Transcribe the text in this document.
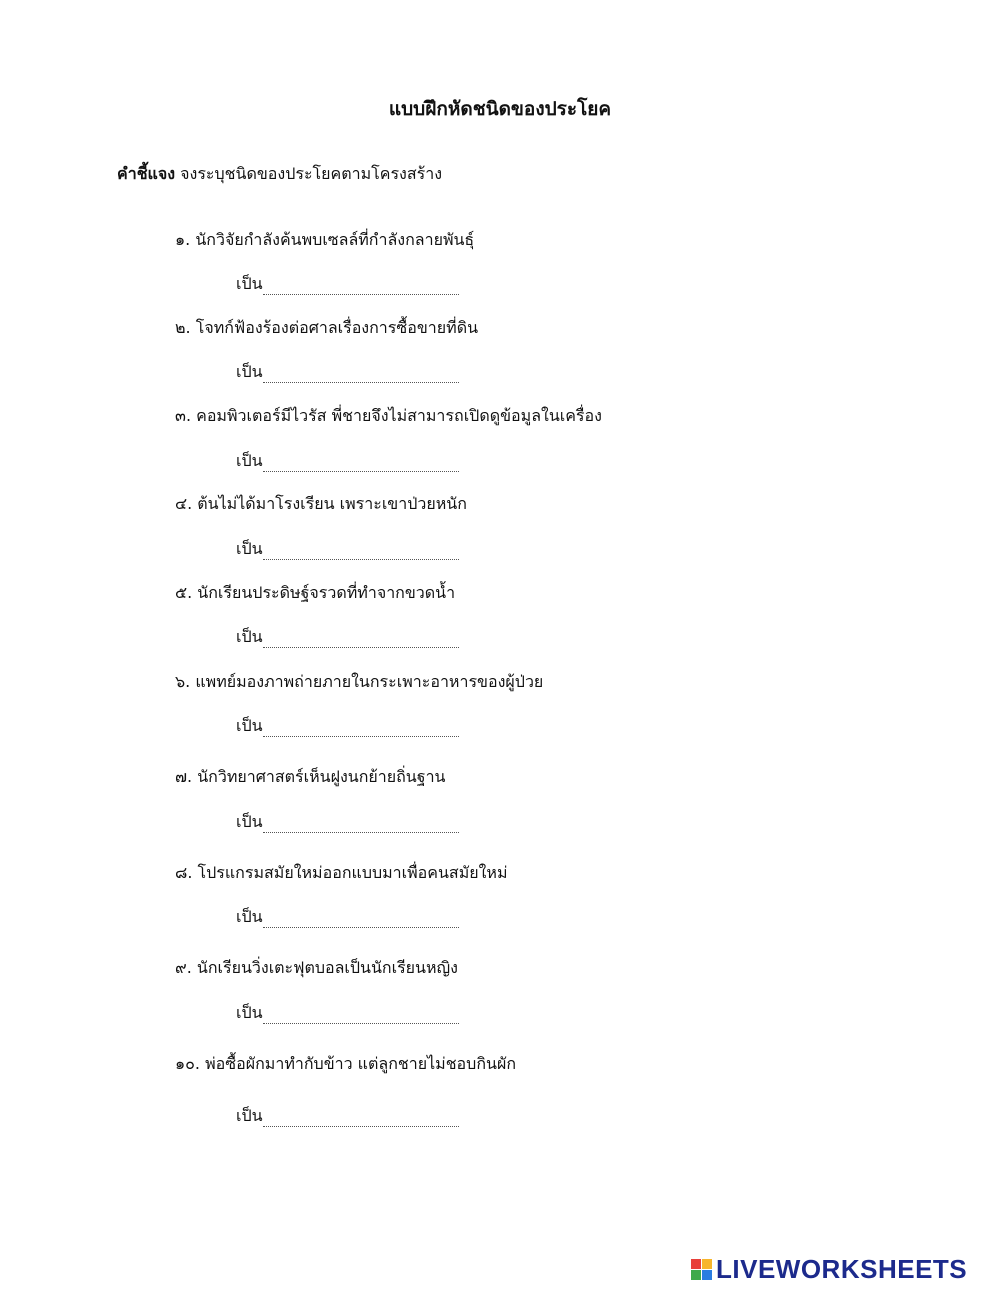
แบบฝึกหัดชนิดของประโยค
คำชี้แจง จงระบุชนิดของประโยคตามโครงสร้าง
๑. นักวิจัยกำลังค้นพบเซลล์ที่กำลังกลายพันธุ์
เป็น
๒. โจทก์ฟ้องร้องต่อศาลเรื่องการซื้อขายที่ดิน
เป็น
๓. คอมพิวเตอร์มีไวรัส พี่ชายจึงไม่สามารถเปิดดูข้อมูลในเครื่อง
เป็น
๔. ต้นไม่ได้มาโรงเรียน เพราะเขาป่วยหนัก
เป็น
๕. นักเรียนประดิษฐ์จรวดที่ทำจากขวดน้ำ
เป็น
๖. แพทย์มองภาพถ่ายภายในกระเพาะอาหารของผู้ป่วย
เป็น
๗. นักวิทยาศาสตร์เห็นฝูงนกย้ายถิ่นฐาน
เป็น
๘. โปรแกรมสมัยใหม่ออกแบบมาเพื่อคนสมัยใหม่
เป็น
๙. นักเรียนวิ่งเตะฟุตบอลเป็นนักเรียนหญิง
เป็น
๑๐. พ่อซื้อผักมาทำกับข้าว แต่ลูกชายไม่ชอบกินผัก
เป็น
LIVEWORKSHEETS
